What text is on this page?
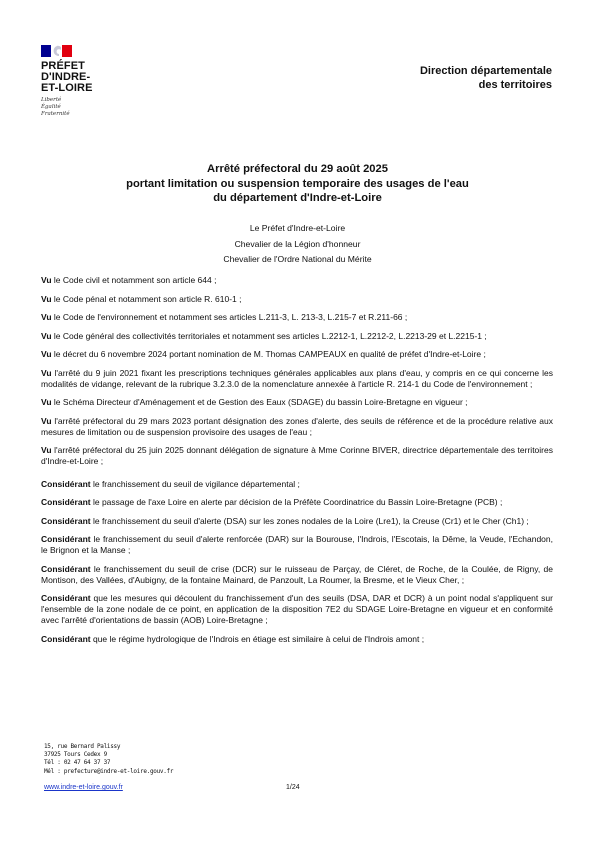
PRÉFET
D'INDRE-
ET-LOIRE
Liberté
Égalité
Fraternité
Direction départementale
des territoires
Arrêté préfectoral du 29 août 2025
portant limitation ou suspension temporaire des usages de l'eau
du département d'Indre-et-Loire
Le Préfet d'Indre-et-Loire
Chevalier de la Légion d'honneur
Chevalier de l'Ordre National du Mérite
Vu le Code civil et notamment son article 644 ;
Vu le Code pénal et notamment son article R. 610-1 ;
Vu le Code de l'environnement et notamment ses articles L.211-3, L. 213-3, L.215-7 et R.211-66 ;
Vu le Code général des collectivités territoriales et notamment ses articles L.2212-1, L.2212-2, L.2213-29 et L.2215-1 ;
Vu le décret du 6 novembre 2024 portant nomination de M. Thomas CAMPEAUX en qualité de préfet d'Indre-et-Loire ;
Vu l'arrêté du 9 juin 2021 fixant les prescriptions techniques générales applicables aux plans d'eau, y compris en ce qui concerne les modalités de vidange, relevant de la rubrique 3.2.3.0 de la nomenclature annexée à l'article R. 214-1 du Code de l'environnement ;
Vu le Schéma Directeur d'Aménagement et de Gestion des Eaux (SDAGE) du bassin Loire-Bretagne en vigueur ;
Vu l'arrêté préfectoral du 29 mars 2023 portant désignation des zones d'alerte, des seuils de référence et de la procédure relative aux mesures de limitation ou de suspension provisoire des usages de l'eau ;
Vu l'arrêté préfectoral du 25 juin 2025 donnant délégation de signature à Mme Corinne BIVER, directrice départementale des territoires d'Indre-et-Loire ;
Considérant le franchissement du seuil de vigilance départemental ;
Considérant le passage de l'axe Loire en alerte par décision de la Préfète Coordinatrice du Bassin Loire-Bretagne (PCB) ;
Considérant le franchissement du seuil d'alerte (DSA) sur les zones nodales de la Loire (Lre1), la Creuse (Cr1) et le Cher (Ch1) ;
Considérant le franchissement du seuil d'alerte renforcée (DAR) sur la Bourouse, l'Indrois, l'Escotais, la Dême, la Veude, l'Echandon, le Brignon et la Manse ;
Considérant le franchissement du seuil de crise (DCR) sur le ruisseau de Parçay, de Cléret, de Roche, de la Coulée, de Rigny, de Montison, des Vallées, d'Aubigny, de la fontaine Mainard, de Panzoult, La Roumer, la Bresme, et le Vieux Cher, ;
Considérant que les mesures qui découlent du franchissement d'un des seuils (DSA, DAR et DCR) à un point nodal s'appliquent sur l'ensemble de la zone nodale de ce point, en application de la disposition 7E2 du SDAGE Loire-Bretagne en vigueur et en conformité avec l'arrêté d'orientations de bassin (AOB) Loire-Bretagne ;
Considérant que le régime hydrologique de l'Indrois en étiage est similaire à celui de l'Indrois amont ;
15, rue Bernard Palissy
37925 Tours Cedex 9
Tél : 02 47 64 37 37
Mél : prefecture@indre-et-loire.gouv.fr
www.indre-et-loire.gouv.fr	1/24
